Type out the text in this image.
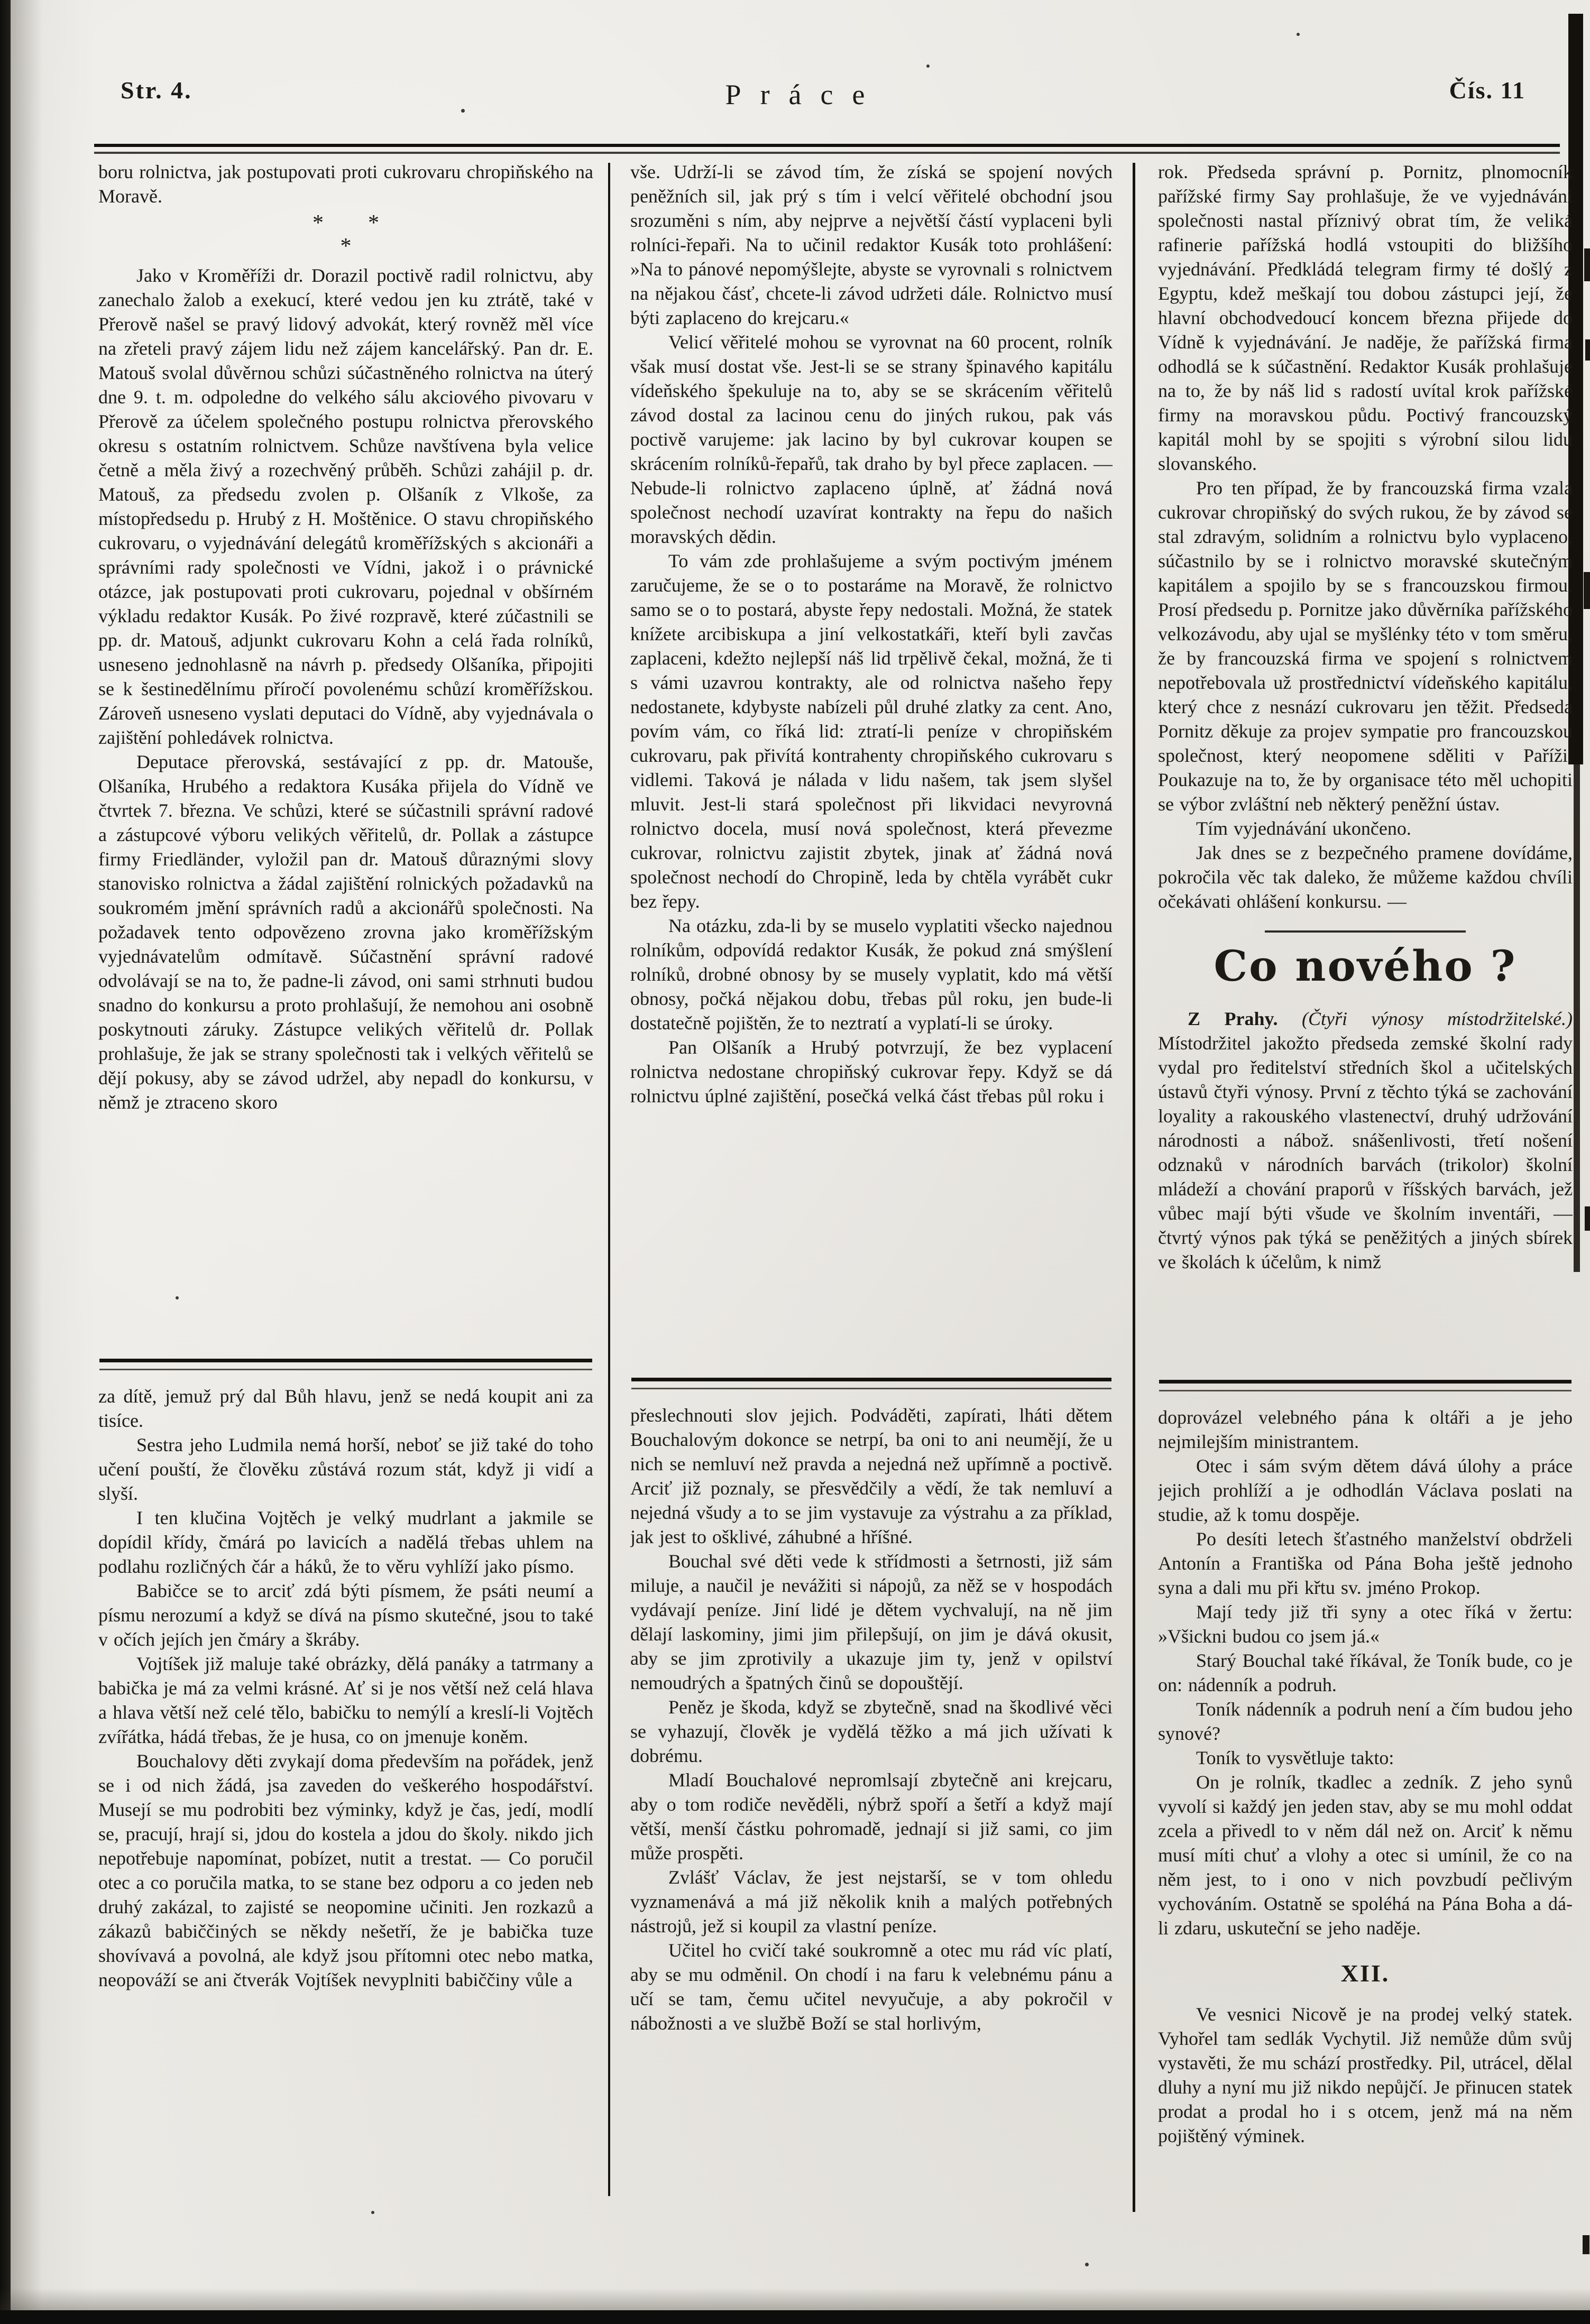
Str. 4.	Práce	Čís. 11

boru rolnictva, jak postupovati proti cukrovaru chropiňského na Moravě.

*        *
*

Jako v Kroměříži dr. Dorazil poctivě radil rolnictvu, aby zanechalo žalob a exekucí, které vedou jen ku ztrátě, také v Přerově našel se pravý lidový advokát, který rovněž měl více na zřeteli pravý zájem lidu než zájem kancelářský. Pan dr. E. Matouš svolal důvěrnou schůzi súčastněného rolnictva na úterý dne 9. t. m. odpoledne do velkého sálu akciového pivovaru v Přerově za účelem společného postupu rolnictva přerovského okresu s ostatním rolnictvem. Schůze navštívena byla velice četně a měla živý a rozechvěný průběh. Schůzi zahájil p. dr. Matouš, za předsedu zvolen p. Olšaník z Vlkoše, za místopředsedu p. Hrubý z H. Moštěnice. O stavu chropiňského cukrovaru, o vyjednávání delegátů kroměřížských s akcionáři a správními rady společnosti ve Vídni, jakož i o právnické otázce, jak postupovati proti cukrovaru, pojednal v obšírném výkladu redaktor Kusák. Po živé rozpravě, které zúčastnili se pp. dr. Matouš, adjunkt cukrovaru Kohn a celá řada rolníků, usneseno jednohlasně na návrh p. předsedy Olšaníka, připojiti se k šestinedělnímu příročí povolenému schůzí kroměřížskou. Zároveň usneseno vyslati deputaci do Vídně, aby vyjednávala o zajištění pohledávek rolnictva.

Deputace přerovská, sestávající z pp. dr. Matouše, Olšaníka, Hrubého a redaktora Kusáka přijela do Vídně ve čtvrtek 7. března. Ve schůzi, které se súčastnili správní radové a zástupcové výboru velikých věřitelů, dr. Pollak a zástupce firmy Friedländer, vyložil pan dr. Matouš důraznými slovy stanovisko rolnictva a žádal zajištění rolnických požadavků na soukromém jmění správních radů a akcionářů společnosti. Na požadavek tento odpovězeno zrovna jako kroměřížským vyjednávatelům odmítavě. Súčastnění správní radové odvolávají se na to, že padne-li závod, oni sami strhnuti budou snadno do konkursu a proto prohlašují, že nemohou ani osobně poskytnouti záruky. Zástupce velikých věřitelů dr. Pollak prohlašuje, že jak se strany společnosti tak i velkých věřitelů se dějí pokusy, aby se závod udržel, aby nepadl do konkursu, v němž je ztraceno skoro

za dítě, jemuž prý dal Bůh hlavu, jenž se nedá koupit ani za tisíce.

Sestra jeho Ludmila nemá horší, neboť se již také do toho učení pouští, že člověku zůstává rozum stát, když ji vidí a slyší.

I ten klučina Vojtěch je velký mudrlant a jakmile se dopídil křídy, čmárá po lavicích a nadělá třebas uhlem na podlahu rozličných čár a háků, že to věru vyhlíží jako písmo.

Babičce se to arciť zdá býti písmem, že psáti neumí a písmu nerozumí a když se dívá na písmo skutečné, jsou to také v očích jejích jen čmáry a škráby.

Vojtíšek již maluje také obrázky, dělá panáky a tatrmany a babička je má za velmi krásné. Ať si je nos větší než celá hlava a hlava větší než celé tělo, babičku to nemýlí a kreslí-li Vojtěch zvířátka, hádá třebas, že je husa, co on jmenuje koněm.

Bouchalovy děti zvykají doma především na pořádek, jenž se i od nich žádá, jsa zaveden do veškerého hospodářství. Musejí se mu podrobiti bez výminky, když je čas, jedí, modlí se, pracují, hrají si, jdou do kostela a jdou do školy. nikdo jich nepotřebuje napomínat, pobízet, nutit a trestat. — Co poručil otec a co poručila matka, to se stane bez odporu a co jeden neb druhý zakázal, to zajisté se neopomine učiniti. Jen rozkazů a zákazů babiččiných se někdy nešetří, že je babička tuze shovívavá a povolná, ale když jsou přítomni otec nebo matka, neopováží se ani čtverák Vojtíšek nevyplniti babiččiny vůle a

vše. Udrží-li se závod tím, že získá se spojení nových peněžních sil, jak prý s tím i velcí věřitelé obchodní jsou srozuměni s ním, aby nejprve a největší částí vyplaceni byli rolníci-řepaři. Na to učinil redaktor Kusák toto prohlášení: »Na to pánové nepomýšlejte, abyste se vyrovnali s rolnictvem na nějakou čásť, chcete-li závod udržeti dále. Rolnictvo musí býti zaplaceno do krejcaru.«

Velicí věřitelé mohou se vyrovnat na 60 procent, rolník však musí dostat vše. Jest-li se se strany špinavého kapitálu vídeňského špekuluje na to, aby se se skrácením věřitelů závod dostal za lacinou cenu do jiných rukou, pak vás poctivě varujeme: jak lacino by byl cukrovar koupen se skrácením rolníků-řepařů, tak draho by byl přece zaplacen. — Nebude-li rolnictvo zaplaceno úplně, ať žádná nová společnost nechodí uzavírat kontrakty na řepu do našich moravských dědin.

To vám zde prohlašujeme a svým poctivým jménem zaručujeme, že se o to postaráme na Moravě, že rolnictvo samo se o to postará, abyste řepy nedostali. Možná, že statek knížete arcibiskupa a jiní velkostatkáři, kteří byli zavčas zaplaceni, kdežto nejlepší náš lid trpělivě čekal, možná, že ti s vámi uzavrou kontrakty, ale od rolnictva našeho řepy nedostanete, kdybyste nabízeli půl druhé zlatky za cent. Ano, povím vám, co říká lid: ztratí-li peníze v chropiňském cukrovaru, pak přivítá kontrahenty chropiňského cukrovaru s vidlemi. Taková je nálada v lidu našem, tak jsem slyšel mluvit. Jest-li stará společnost při likvidaci nevyrovná rolnictvo docela, musí nová společnost, která převezme cukrovar, rolnictvu zajistit zbytek, jinak ať žádná nová společnost nechodí do Chropině, leda by chtěla vyrábět cukr bez řepy.

Na otázku, zda-li by se muselo vyplatiti všecko najednou rolníkům, odpovídá redaktor Kusák, že pokud zná smýšlení rolníků, drobné obnosy by se musely vyplatit, kdo má větší obnosy, počká nějakou dobu, třebas půl roku, jen bude-li dostatečně pojištěn, že to neztratí a vyplatí-li se úroky.

Pan Olšaník a Hrubý potvrzují, že bez vyplacení rolnictva nedostane chropiňský cukrovar řepy. Když se dá rolnictvu úplné zajištění, posečká velká část třebas půl roku i

přeslechnouti slov jejich. Podváděti, zapírati, lháti dětem Bouchalovým dokonce se netrpí, ba oni to ani neumějí, že u nich se nemluví než pravda a nejedná než upřímně a poctivě. Arciť již poznaly, se přesvědčily a vědí, že tak nemluví a nejedná všudy a to se jim vystavuje za výstrahu a za příklad, jak jest to ošklivé, záhubné a hříšné.

Bouchal své děti vede k střídmosti a šetrnosti, již sám miluje, a naučil je nevážiti si nápojů, za něž se v hospodách vydávají peníze. Jiní lidé je dětem vychvalují, na ně jim dělají laskominy, jimi jim přilepšují, on jim je dává okusit, aby se jim zprotivily a ukazuje jim ty, jenž v opilství nemoudrých a špatných činů se dopouštějí.

Peněz je škoda, když se zbytečně, snad na škodlivé věci se vyhazují, člověk je vydělá těžko a má jich užívati k dobrému.

Mladí Bouchalové nepromlsají zbytečně ani krejcaru, aby o tom rodiče nevěděli, nýbrž spoří a šetří a když mají větší, menší částku pohromadě, jednají si již sami, co jim může prospěti.

Zvlášť Václav, že jest nejstarší, se v tom ohledu vyznamenává a má již několik knih a malých potřebných nástrojů, jež si koupil za vlastní peníze.

Učitel ho cvičí také soukromně a otec mu rád víc platí, aby se mu odměnil. On chodí i na faru k velebnému pánu a učí se tam, čemu učitel nevyučuje, a aby pokročil v nábožnosti a ve službě Boží se stal horlivým,

rok. Předseda správní p. Pornitz, plnomocník pařížské firmy Say prohlašuje, že ve vyjednávání společnosti nastal příznivý obrat tím, že veliká rafinerie pařížská hodlá vstoupiti do bližšího vyjednávání. Předkládá telegram firmy té došlý z Egyptu, kdež meškají tou dobou zástupci její, že hlavní obchodvedoucí koncem března přijede do Vídně k vyjednávání. Je naděje, že pařížská firma odhodlá se k súčastnění. Redaktor Kusák prohlašuje na to, že by náš lid s radostí uvítal krok pařížské firmy na moravskou půdu. Poctivý francouzský kapitál mohl by se spojiti s výrobní silou lidu slovanského.

Pro ten případ, že by francouzská firma vzala cukrovar chropiňský do svých rukou, že by závod se stal zdravým, solidním a rolnictvu bylo vyplaceno, súčastnilo by se i rolnictvo moravské skutečným kapitálem a spojilo by se s francouzskou firmou. Prosí předsedu p. Pornitze jako důvěrníka pařížského velkozávodu, aby ujal se myšlénky této v tom směru, že by francouzská firma ve spojení s rolnictvem nepotřebovala už prostřednictví vídeňského kapitálu, který chce z nesnází cukrovaru jen těžit. Předseda Pornitz děkuje za projev sympatie pro francouzskou společnost, který neopomene sděliti v Paříži. Poukazuje na to, že by organisace této měl uchopiti se výbor zvláštní neb některý peněžní ústav.

Tím vyjednávání ukončeno.

Jak dnes se z bezpečného pramene dovídáme, pokročila věc tak daleko, že můžeme každou chvíli očekávati ohlášení konkursu. —

Co nového ?

Z Prahy. (Čtyři výnosy místodržitelské.) Místodržitel jakožto předseda zemské školní rady vydal pro ředitelství středních škol a učitelských ústavů čtyři výnosy. První z těchto týká se zachování loyality a rakouského vlastenectví, druhý udržování národnosti a nábož. snášenlivosti, třetí nošení odznaků v národních barvách (trikolor) školní mládeží a chování praporů v říšských barvách, jež vůbec mají býti všude ve školním inventáři, — čtvrtý výnos pak týká se peněžitých a jiných sbírek ve školách k účelům, k nimž

doprovázel velebného pána k oltáři a je jeho nejmilejším ministrantem.

Otec i sám svým dětem dává úlohy a práce jejich prohlíží a je odhodlán Václava poslati na studie, až k tomu dospěje.

Po desíti letech šťastného manželství obdrželi Antonín a Františka od Pána Boha ještě jednoho syna a dali mu při křtu sv. jméno Prokop.

Mají tedy již tři syny a otec říká v žertu: »Všickni budou co jsem já.«

Starý Bouchal také říkával, že Toník bude, co je on: nádenník a podruh.

Toník nádenník a podruh není a čím budou jeho synové?

Toník to vysvětluje takto:

On je rolník, tkadlec a zedník. Z jeho synů vyvolí si každý jen jeden stav, aby se mu mohl oddat zcela a přivedl to v něm dál než on. Arciť k němu musí míti chuť a vlohy a otec si umínil, že co na něm jest, to i ono v nich povzbudí pečlivým vychováním. Ostatně se spoléhá na Pána Boha a dá-li zdaru, uskuteční se jeho naděje.

XII.

Ve vesnici Nicově je na prodej velký statek. Vyhořel tam sedlák Vychytil. Již nemůže dům svůj vystavěti, že mu schází prostředky. Pil, utrácel, dělal dluhy a nyní mu již nikdo nepůjčí. Je přinucen statek prodat a prodal ho i s otcem, jenž má na něm pojištěný výminek.
